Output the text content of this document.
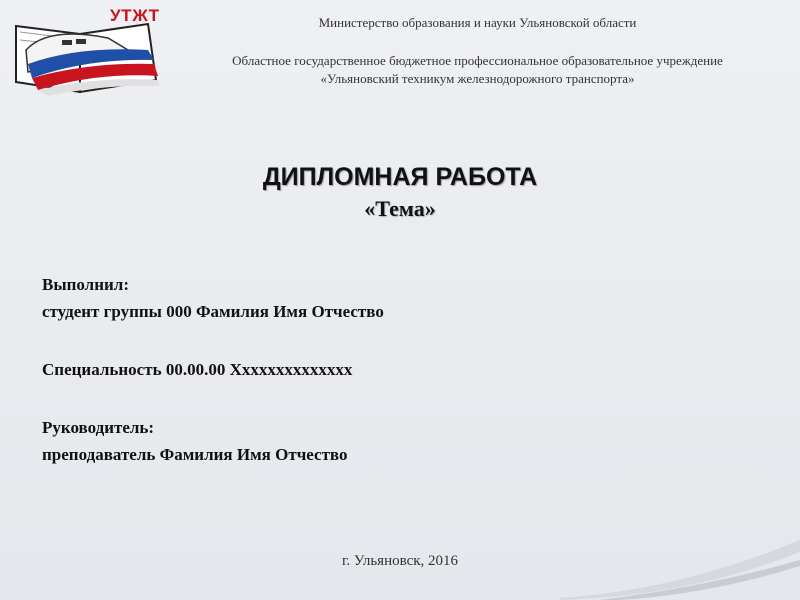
УТЖТ	Министерство образования и науки Ульяновской области
Областное государственное бюджетное профессиональное образовательное учреждение
«Ульяновский техникум железнодорожного транспорта»
ДИПЛОМНАЯ РАБОТА
«Тема»
Выполнил:
студент группы 000 Фамилия Имя Отчество
Специальность 00.00.00 Хххххххххххххх
Руководитель:
преподаватель Фамилия Имя Отчество
г. Ульяновск, 2016
